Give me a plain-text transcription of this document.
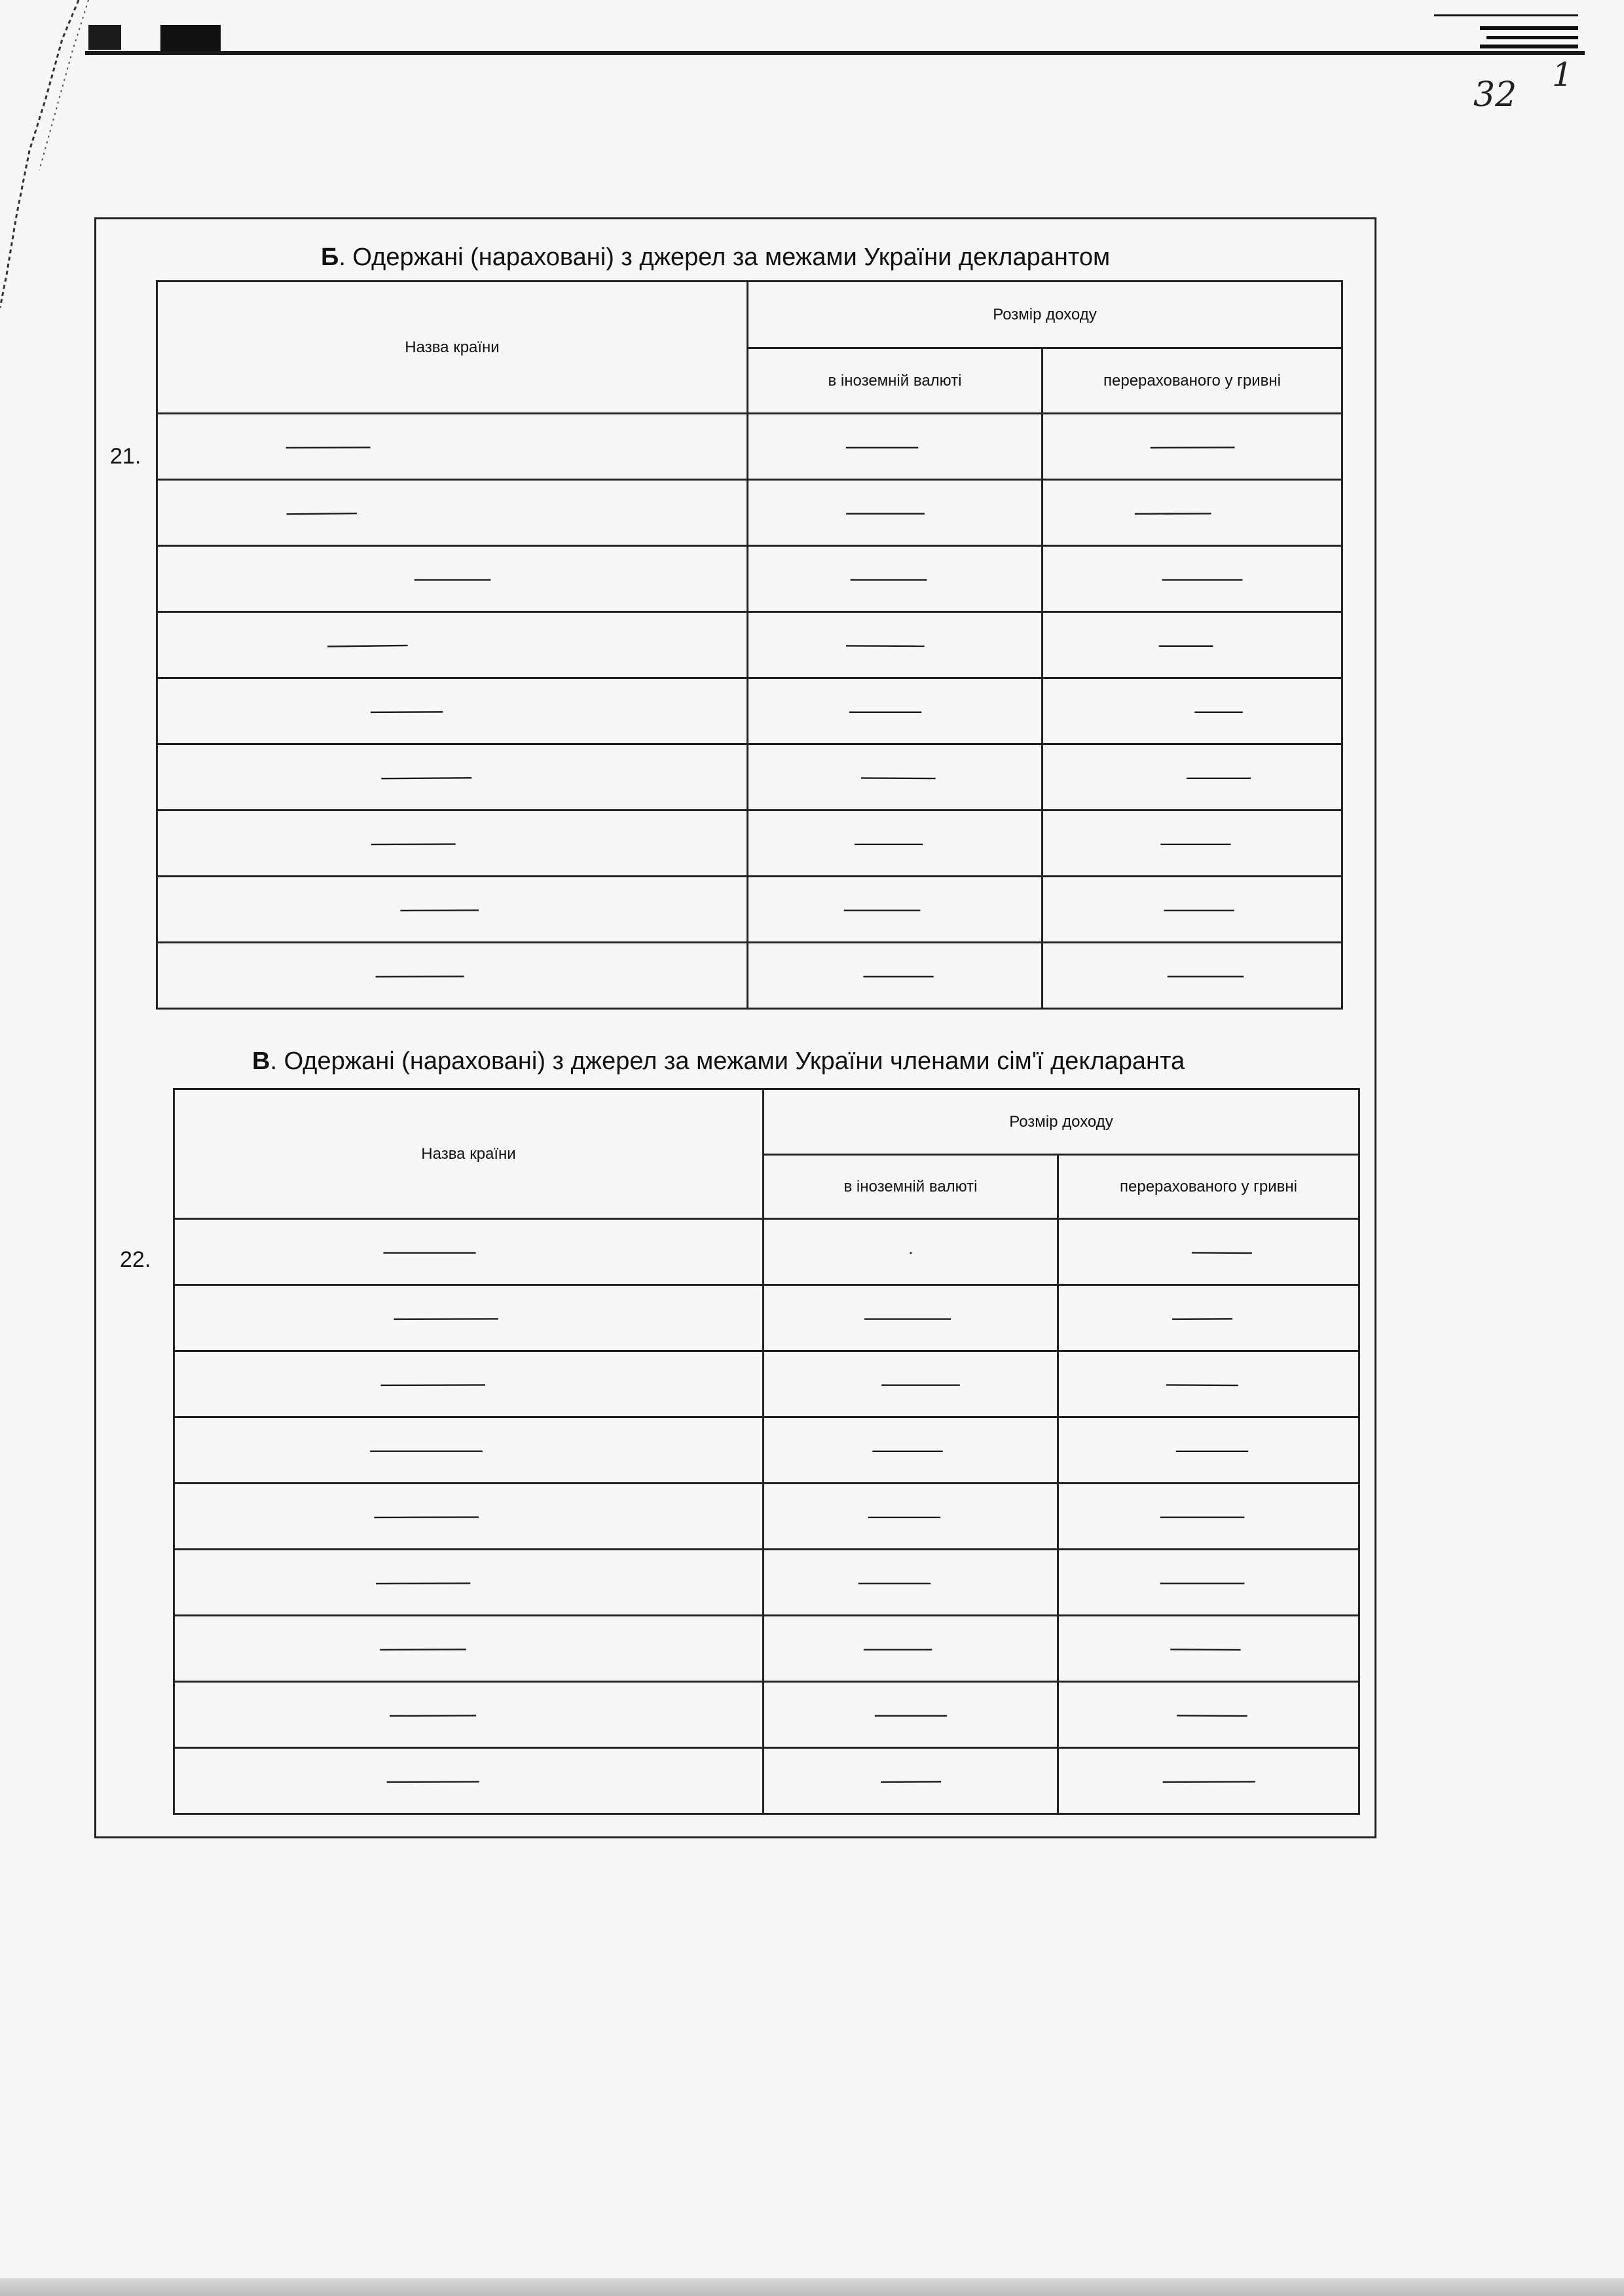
32
1
Б. Одержані (нараховані) з джерел за межами України декларантом
21.
Назва країни	Розмір доходу	
	в іноземній валюті	перерахованого у гривні
—	—	—
—	—	—
—	—	—
—	—	—
—	—	—
—	—	—
—	—	—
—	—	—
—	—	—
В. Одержані (нараховані) з джерел за межами України членами сім'ї декларанта
22.
Назва країни	Розмір доходу	
	в іноземній валюті	перерахованого у гривні
—	—	—
—	—	—
—	—	—
—	—	—
—	—	—
—	—	—
—	—	—
—	—	—
—	—	—
